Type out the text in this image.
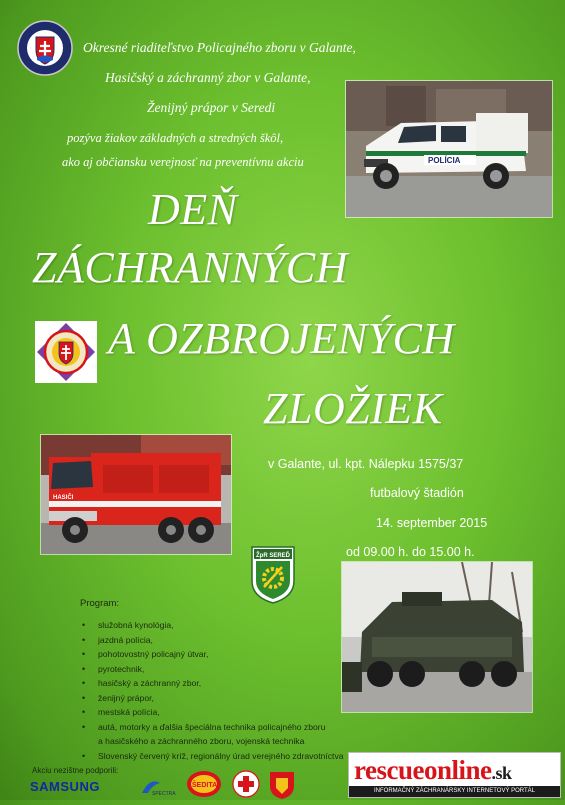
Okresné riaditeľstvo Policajného zboru v Galante,
Hasičský a záchranný zbor v Galante,
Ženijný prápor v Seredi
pozýva žiakov základných a stredných škôl,
ako aj občiansku verejnosť na preventívnu akciu	POLÍCIA
DEŇ
ZÁCHRANNÝCH
A OZBROJENÝCH
ZLOŽIEK
HASIČI
v Galante, ul. kpt. Nálepku 1575/37
futbalový štadión
14. september 2015
od 09.00 h. do 15.00 h.
ŽpR SEREĎ
Program:
• služobná kynológia,
• jazdná polícia,
• pohotovostný policajný útvar,
• pyrotechnik,
• hasičský a záchranný zbor,
• ženijný prápor,
• mestská polícia,
• autá, motorky a ďalšia špeciálna technika policajného zboru
a hasičského a záchranného zboru, vojenská technika
• Slovenský červený kríž, regionálny úrad verejného zdravotníctva
Akciu nezištne podporili:
SAMSUNG	SPECTRA
ŠEDITA
rescueonline.sk
INFORMAČNÝ ZÁCHRANÁRSKY INTERNETOVÝ PORTÁL
